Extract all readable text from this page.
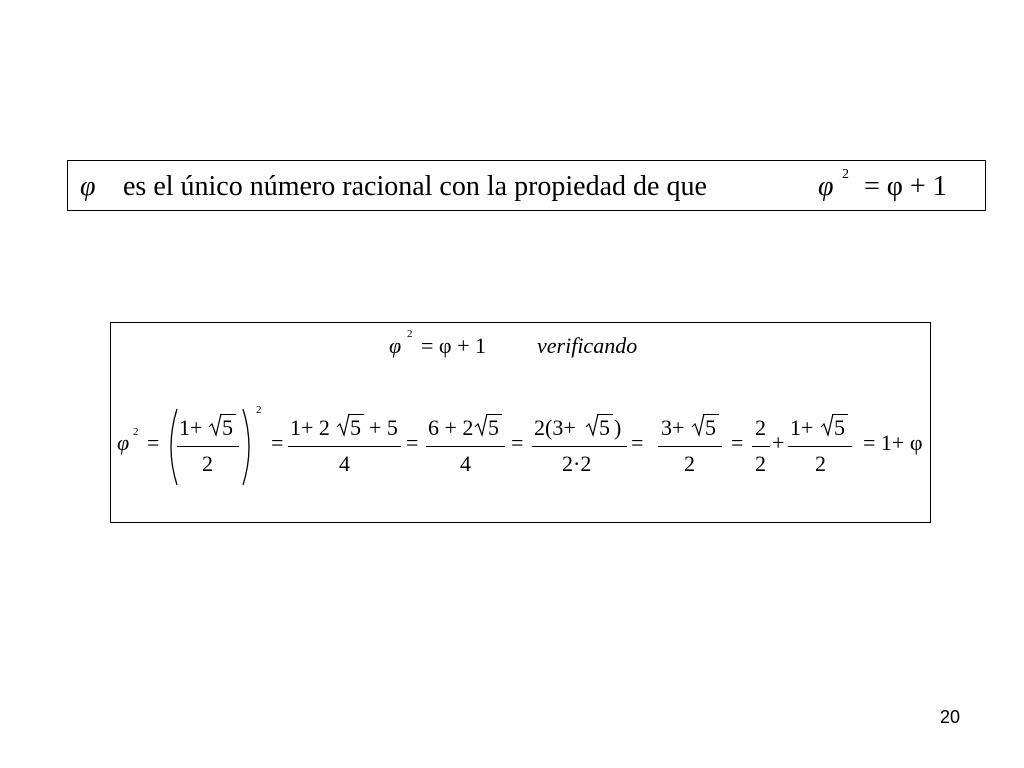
φ es el único número racional con la propiedad de que	φ 2 = φ + 1
φ 2 = φ + 1 verificando
φ 2 =
2
1+ 5
2
=
1+ 2 5 + 5
4
=
6 + 2 5
4
=
2(3+ 5 )
2·2
=
3+ 5
2
=
2
2
+
1+ 5
2
= 1+ φ
20
